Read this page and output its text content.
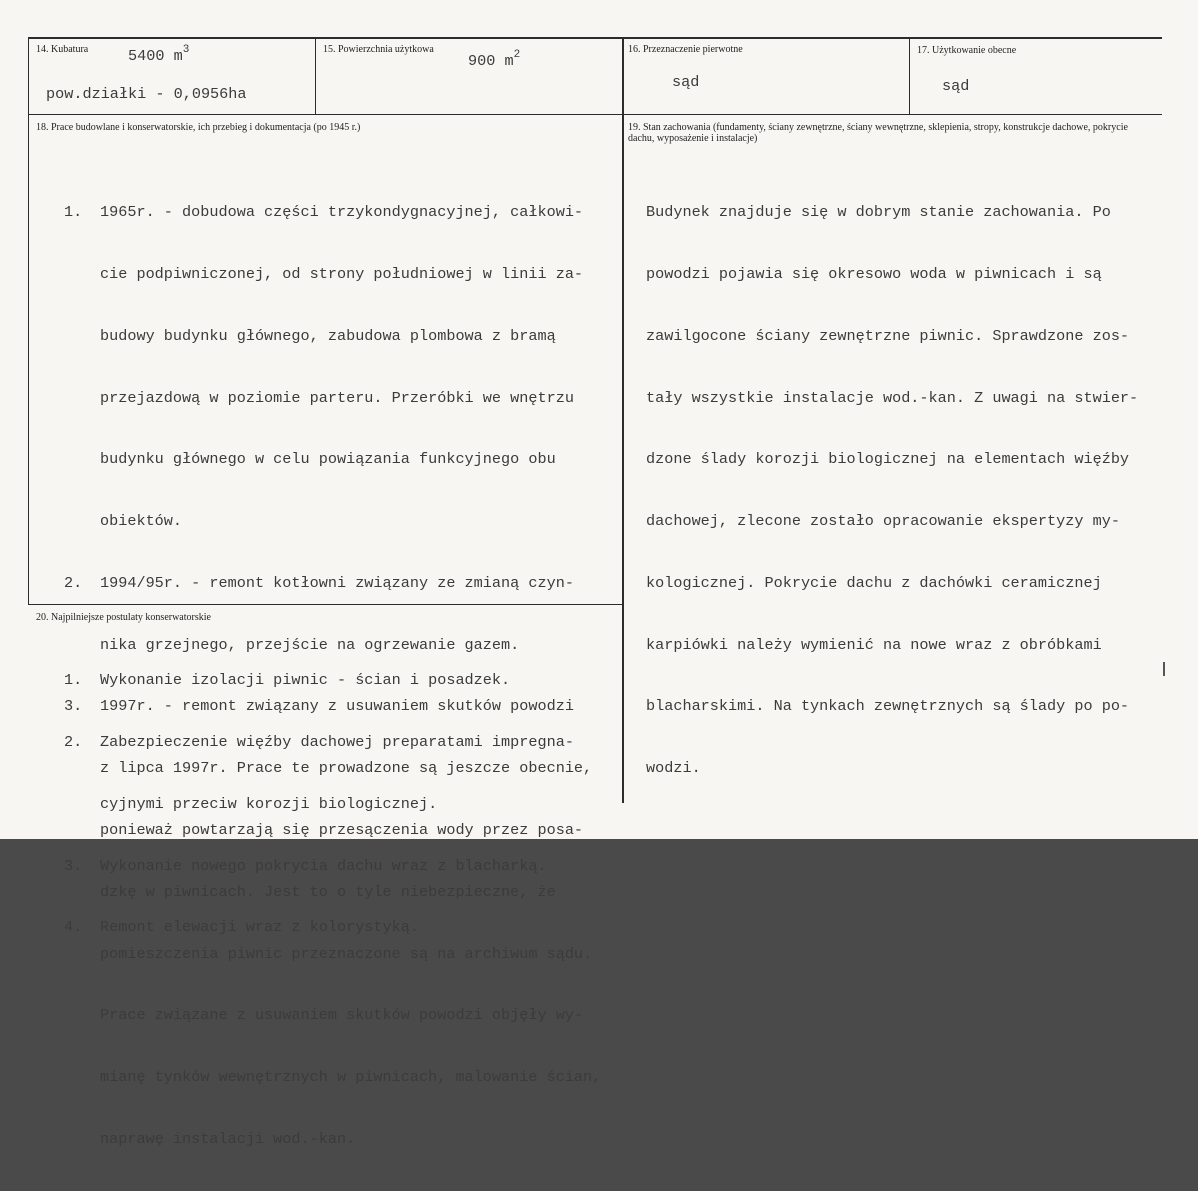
14. Kubatura	5400 $m^3$
pow.działki - 0,0956ha
15. Powierzchnia użytkowa
900 $m^2$	16. Przeznaczenie pierwotne
sąd
17. Użytkowanie obecne
sąd
18. Prace budowlane i konserwatorskie, ich przebieg i dokumentacja (po 1945 r.)

1. 1965r. - dobudowa części trzykondygnacyjnej, całkowi-

cie podpiwniczonej, od strony południowej w linii za-

budowy budynku głównego, zabudowa plombowa z bramą

przejazdową w poziomie parteru. Przeróbki we wnętrzu

budynku głównego w celu powiązania funkcyjnego obu

obiektów.

2. 1994/95r. - remont kotłowni związany ze zmianą czyn-

nika grzejnego, przejście na ogrzewanie gazem.

3. 1997r. - remont związany z usuwaniem skutków powodzi

z lipca 1997r. Prace te prowadzone są jeszcze obecnie,

ponieważ powtarzają się przesączenia wody przez posa-

dzkę w piwnicach. Jest to o tyle niebezpieczne, że

pomieszczenia piwnic przeznaczone są na archiwum sądu.

Prace związane z usuwaniem skutków powodzi objęły wy-

mianę tynków wewnętrznych w piwnicach, malowanie ścian,

naprawę instalacji wod.-kan.

19. Stan zachowania (fundamenty, ściany zewnętrzne, ściany wewnętrzne, sklepienia, stropy, konstrukcje dachowe, pokrycie dachu, wyposażenie i instalacje)

Budynek znajduje się w dobrym stanie zachowania. Po

powodzi pojawia się okresowo woda w piwnicach i są

zawilgocone ściany zewnętrzne piwnic. Sprawdzone zos-

tały wszystkie instalacje wod.-kan. Z uwagi na stwier-

dzone ślady korozji biologicznej na elementach więźby

dachowej, zlecone zostało opracowanie ekspertyzy my-

kologicznej. Pokrycie dachu z dachówki ceramicznej

karpiówki należy wymienić na nowe wraz z obróbkami

blacharskimi. Na tynkach zewnętrznych są ślady po po-

wodzi.

20. Najpilniejsze postulaty konserwatorskie

1. Wykonanie izolacji piwnic - ścian i posadzek.

2. Zabezpieczenie więźby dachowej preparatami impregna-

cyjnymi przeciw korozji biologicznej.

3. Wykonanie nowego pokrycia dachu wraz z blacharką.

4. Remont elewacji wraz z kolorystyką.
